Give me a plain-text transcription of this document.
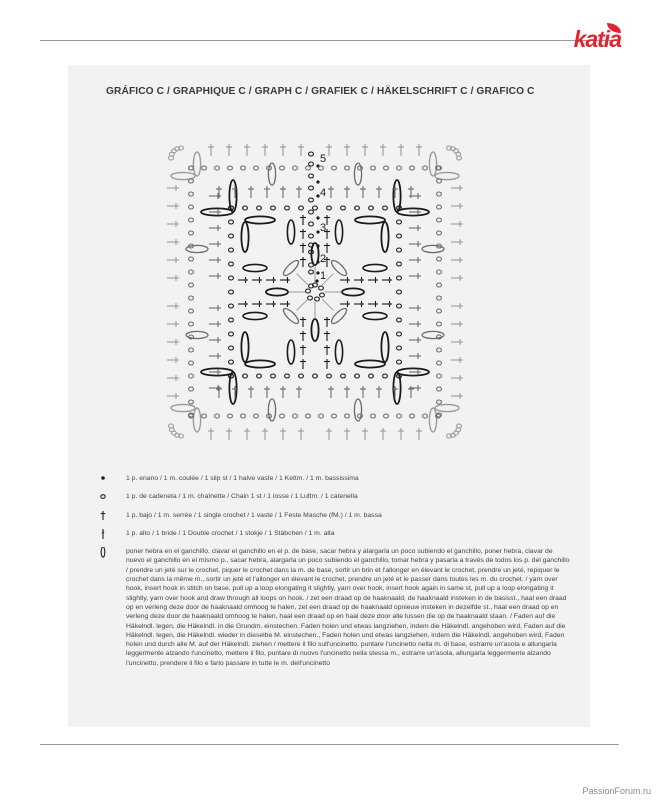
katia
GRÁFICO C / GRAPHIQUE C / GRAPH C / GRAFIEK C / HÄKELSCHRIFT C / GRAFICO C
1
2
3
4
5
1 p. enano / 1 m. coulée / 1 slip st / 1 halve vaste / 1 Kettm. / 1 m. bassissima
1 p. de cadeneta / 1 m. chaînette / Chain 1 st / 1 losse / 1 Luftm. / 1 catenella
1 p. bajo / 1 m. serrée / 1 single crochet / 1 vaste / 1 Feste Masche (fM.) / 1 m. bassa
1 p. alto / 1 bride / 1 Double crochet / 1 stokje / 1 Stäbchen / 1 m. alta
poner hebra en el ganchillo, clavar el ganchillo en el p. de base, sacar hebra y alargarla un poco subiendo el ganchillo, poner hebra, clavar de nuevo el ganchillo en el mismo p., sacar hebra, alargarla un poco subiendo el ganchillo, tomar hebra y pasarla a través de todos los p. del ganchillo / prendre un jeté sur le crochet, piquer le crochet dans la m. de base, sortir un brin et l'allonger en élevant le crochet, prendre un jeté, repiquer le crochet dans la même m., sortir un jeté et l'allonger en élevant le crochet, prendre un jeté et le passer dans toutes les m. du crochet. / yarn over hook, insert hook in stitch on base, pull up a loop elongating it slightly, yarn over hook, insert hook again in same st, pull up a loop elongating it slightly, yarn over hook and draw through all loops on hook. / zet een draad op de haaknaald, de haaknaald insteken in de basisst., haal een draad op en verleng deze door de haaknaald omhoog te halen, zet een draad op de haaknaald opnieuw insteken in dezelfde st., haal een draad op en verleng deze door de haaknaald omhoog te halen, haal een draad op en haal deze door alle lussen die op de haaknaald staan. / Faden auf die Häkelndl. legen, die Häkelndl. in die Grundm. einstechen. Faden holen und etwas langziehen, indem die Häkelndl. angehoben wird, Faden auf die Häkelndl. legen, die Häkelndl. wieder in dieselbe M. einstechen., Faden holen und etwas langziehen, indem die Häkelndl. angehoben wird, Faden holen und durch alle M. auf der Häkelndl. ziehen / mettere il filo sull'uncinetto, puntare l'uncinetto nella m. di base, estrarre un'asola e allungarla leggermente alzando l'uncinetto, mettere il filo, puntare di nuovo l'uncinetto nella stessa m., estrarre un'asola, allungarla leggermente alzando l'uncinetto, prendere il filo e farlo passare in tutte le m. dell'uncinetto
PassionForum.ru
